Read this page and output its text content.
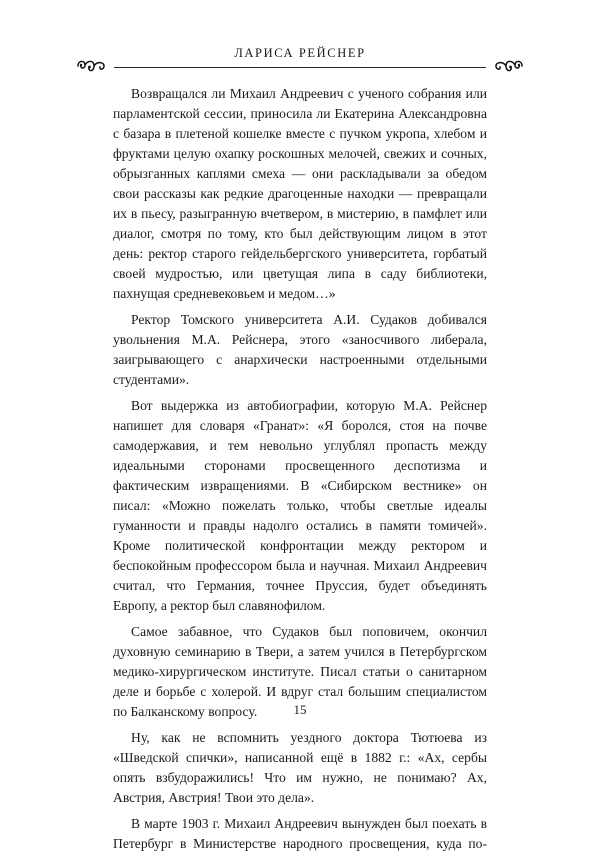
ЛАРИСА РЕЙСНЕР

Возвращался ли Михаил Андреевич с ученого собрания или парламентской сессии, приносила ли Екатерина Александровна с базара в плетеной кошелке вместе с пучком укропа, хлебом и фруктами целую охапку роскошных мелочей, свежих и сочных, обрызганных каплями смеха — они раскладывали за обедом свои рассказы как редкие драгоценные находки — превращали их в пьесу, разыгранную вчетвером, в мистерию, в памфлет или диалог, смотря по тому, кто был действующим лицом в этот день: ректор старого гейдельбергского университета, горбатый своей мудростью, или цветущая липа в саду библиотеки, пахнущая средневековьем и медом…»

Ректор Томского университета А.И. Судаков добивался увольнения М.А. Рейснера, этого «заносчивого либерала, заигрывающего с анархически настроенными отдельными студентами».

Вот выдержка из автобиографии, которую М.А. Рейснер напишет для словаря «Гранат»: «Я боролся, стоя на почве самодержавия, и тем невольно углублял пропасть между идеальными сторонами просвещенного деспотизма и фактическим извращениями. В «Сибирском вестнике» он писал: «Можно пожелать только, чтобы светлые идеалы гуманности и правды надолго остались в памяти томичей». Кроме политической конфронтации между ректором и беспокойным профессором была и научная. Михаил Андреевич считал, что Германия, точнее Пруссия, будет объединять Европу, а ректор был славянофилом.

Самое забавное, что Судаков был поповичем, окончил духовную семинарию в Твери, а затем учился в Петербургском медико-хирургическом институте. Писал статьи о санитарном деле и борьбе с холерой. И вдруг стал большим специалистом по Балканскому вопросу.

Ну, как не вспомнить уездного доктора Тютюева из «Шведской спички», написанной ещё в 1882 г.: «Ах, сербы опять взбудоражились! Что им нужно, не понимаю? Ах, Австрия, Австрия! Твои это дела».

В марте 1903 г. Михаил Андреевич вынужден был поехать в Петербург в Министерстве народного просвещения, куда по-

15
